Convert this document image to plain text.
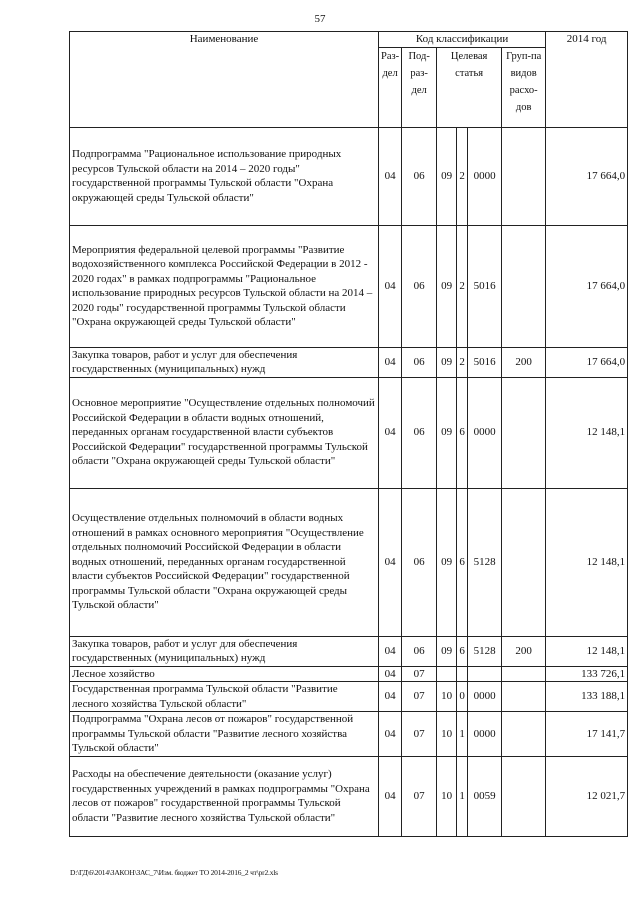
57
Наименование	Код классификации						2014 год
	Раз-дел	Под-раз-дел	Целевая статья			Груп-па видов расхо-дов	
Подпрограмма "Рациональное использование природных ресурсов Тульской области на 2014 – 2020 годы" государственной программы Тульской области "Охрана окружающей среды Тульской области"	04	06	09	2	0000		17 664,0
Мероприятия федеральной целевой программы "Развитие водохозяйственного комплекса Российской Федерации в 2012 - 2020 годах" в рамках подпрограммы "Рациональное использование природных ресурсов Тульской области на 2014 – 2020 годы" государственной программы Тульской области "Охрана окружающей среды Тульской области"	04	06	09	2	5016		17 664,0
Закупка товаров, работ и услуг для обеспечения государственных (муниципальных) нужд	04	06	09	2	5016	200	17 664,0
Основное мероприятие "Осуществление отдельных полномочий Российской Федерации в области водных отношений, переданных органам государственной власти субъектов Российской Федерации" государственной программы Тульской области "Охрана окружающей среды Тульской области"	04	06	09	6	0000		12 148,1
Осуществление отдельных полномочий в области водных отношений в рамках основного мероприятия "Осуществление отдельных полномочий Российской Федерации в области водных отношений, переданных органам государственной власти субъектов Российской Федерации" государственной программы Тульской области "Охрана окружающей среды Тульской области"	04	06	09	6	5128		12 148,1
Закупка товаров, работ и услуг для обеспечения государственных (муниципальных) нужд	04	06	09	6	5128	200	12 148,1
Лесное хозяйство	04	07					133 726,1
Государственная программа Тульской области "Развитие лесного хозяйства Тульской области"	04	07	10	0	0000		133 188,1
Подпрограмма "Охрана лесов от пожаров" государственной программы Тульской области "Развитие лесного хозяйства Тульской области"	04	07	10	1	0000		17 141,7
Расходы на обеспечение деятельности (оказание услуг) государственных учреждений в рамках подпрограммы "Охрана лесов от пожаров" государственной программы Тульской области "Развитие лесного хозяйства Тульской области"	04	07	10	1	0059		12 021,7
D:\ГД\6\2014\ЗАКОН\ЗАС_7\Изм. бюджет ТО 2014-2016_2 чт\pr2.xls
